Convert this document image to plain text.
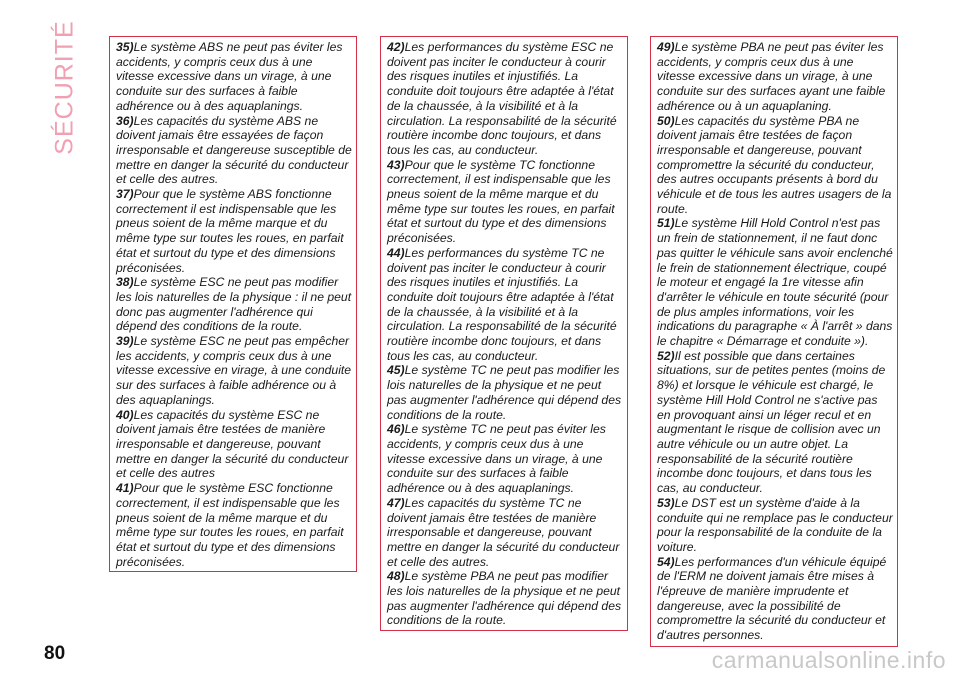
SÉCURITÉ	35)Le système ABS ne peut pas éviter les accidents, y compris ceux dus à une vitesse excessive dans un virage, à une conduite sur des surfaces à faible adhérence ou à des aquaplanings.

36)Les capacités du système ABS ne doivent jamais être essayées de façon irresponsable et dangereuse susceptible de mettre en danger la sécurité du conducteur et celle des autres.

37)Pour que le système ABS fonctionne correctement il est indispensable que les pneus soient de la même marque et du même type sur toutes les roues, en parfait état et surtout du type et des dimensions préconisées.

38)Le système ESC ne peut pas modifier les lois naturelles de la physique : il ne peut donc pas augmenter l'adhérence qui dépend des conditions de la route.

39)Le système ESC ne peut pas empêcher les accidents, y compris ceux dus à une vitesse excessive en virage, à une conduite sur des surfaces à faible adhérence ou à des aquaplanings.

40)Les capacités du système ESC ne doivent jamais être testées de manière irresponsable et dangereuse, pouvant mettre en danger la sécurité du conducteur et celle des autres

41)Pour que le système ESC fonctionne correctement, il est indispensable que les pneus soient de la même marque et du même type sur toutes les roues, en parfait état et surtout du type et des dimensions préconisées.

42)Les performances du système ESC ne doivent pas inciter le conducteur à courir des risques inutiles et injustifiés. La conduite doit toujours être adaptée à l'état de la chaussée, à la visibilité et à la circulation. La responsabilité de la sécurité routière incombe donc toujours, et dans tous les cas, au conducteur.

43)Pour que le système TC fonctionne correctement, il est indispensable que les pneus soient de la même marque et du même type sur toutes les roues, en parfait état et surtout du type et des dimensions préconisées.

44)Les performances du système TC ne doivent pas inciter le conducteur à courir des risques inutiles et injustifiés. La conduite doit toujours être adaptée à l'état de la chaussée, à la visibilité et à la circulation. La responsabilité de la sécurité routière incombe donc toujours, et dans tous les cas, au conducteur.

45)Le système TC ne peut pas modifier les lois naturelles de la physique et ne peut pas augmenter l'adhérence qui dépend des conditions de la route.

46)Le système TC ne peut pas éviter les accidents, y compris ceux dus à une vitesse excessive dans un virage, à une conduite sur des surfaces à faible adhérence ou à des aquaplanings.

47)Les capacités du système TC ne doivent jamais être testées de manière irresponsable et dangereuse, pouvant mettre en danger la sécurité du conducteur et celle des autres.

48)Le système PBA ne peut pas modifier les lois naturelles de la physique et ne peut pas augmenter l'adhérence qui dépend des conditions de la route.

49)Le système PBA ne peut pas éviter les accidents, y compris ceux dus à une vitesse excessive dans un virage, à une conduite sur des surfaces ayant une faible adhérence ou à un aquaplaning.

50)Les capacités du système PBA ne doivent jamais être testées de façon irresponsable et dangereuse, pouvant compromettre la sécurité du conducteur, des autres occupants présents à bord du véhicule et de tous les autres usagers de la route.

51)Le système Hill Hold Control n'est pas un frein de stationnement, il ne faut donc pas quitter le véhicule sans avoir enclenché le frein de stationnement électrique, coupé le moteur et engagé la 1re vitesse afin d'arrêter le véhicule en toute sécurité (pour de plus amples informations, voir les indications du paragraphe « À l'arrêt » dans le chapitre « Démarrage et conduite »).

52)Il est possible que dans certaines situations, sur de petites pentes (moins de 8%) et lorsque le véhicule est chargé, le système Hill Hold Control ne s'active pas en provoquant ainsi un léger recul et en augmentant le risque de collision avec un autre véhicule ou un autre objet. La responsabilité de la sécurité routière incombe donc toujours, et dans tous les cas, au conducteur.

53)Le DST est un système d'aide à la conduite qui ne remplace pas le conducteur pour la responsabilité de la conduite de la voiture.

54)Les performances d'un véhicule équipé de l'ERM ne doivent jamais être mises à l'épreuve de manière imprudente et dangereuse, avec la possibilité de compromettre la sécurité du conducteur et d'autres personnes.

80	carmanualsonline.info
